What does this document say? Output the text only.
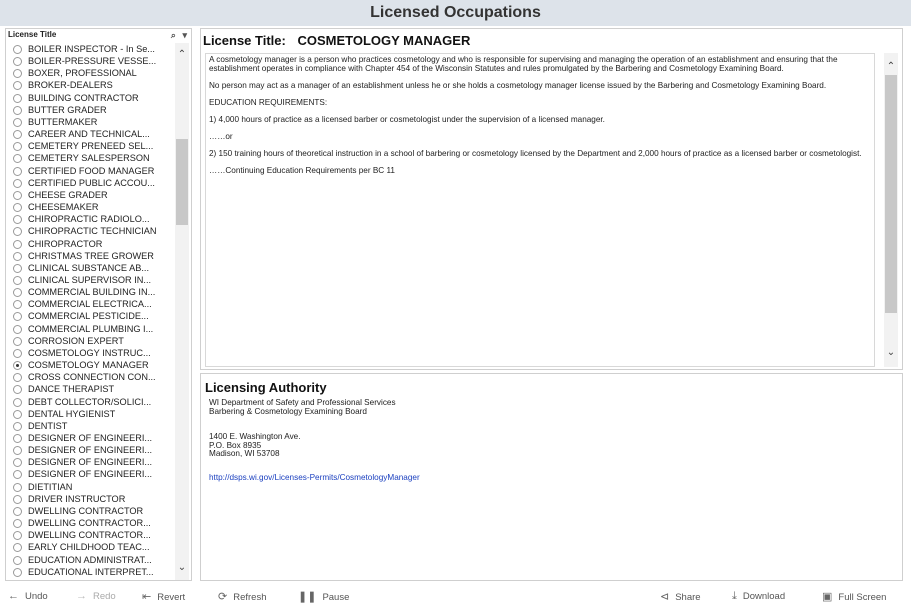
Licensed Occupations
License Title	⌕ ▾
BOILER INSPECTOR - In Se...
BOILER-PRESSURE VESSE...
BOXER, PROFESSIONAL
BROKER-DEALERS
BUILDING CONTRACTOR
BUTTER GRADER
BUTTERMAKER
CAREER AND TECHNICAL...
CEMETERY PRENEED SEL...
CEMETERY SALESPERSON
CERTIFIED FOOD MANAGER
CERTIFIED PUBLIC ACCOU...
CHEESE GRADER
CHEESEMAKER
CHIROPRACTIC RADIOLO...
CHIROPRACTIC TECHNICIAN
CHIROPRACTOR
CHRISTMAS TREE GROWER
CLINICAL SUBSTANCE AB...
CLINICAL SUPERVISOR IN...
COMMERCIAL BUILDING IN...
COMMERCIAL ELECTRICA...
COMMERCIAL PESTICIDE...
COMMERCIAL PLUMBING I...
CORROSION EXPERT
COSMETOLOGY INSTRUC...
COSMETOLOGY MANAGER
CROSS CONNECTION CON...
DANCE THERAPIST
DEBT COLLECTOR/SOLICI...
DENTAL HYGIENIST
DENTIST
DESIGNER OF ENGINEERI...
DESIGNER OF ENGINEERI...
DESIGNER OF ENGINEERI...
DESIGNER OF ENGINEERI...
DIETITIAN
DRIVER INSTRUCTOR
DWELLING CONTRACTOR
DWELLING CONTRACTOR...
DWELLING CONTRACTOR...
EARLY CHILDHOOD TEAC...
EDUCATION ADMINISTRAT...
EDUCATIONAL INTERPRET...
⌃
⌄
License Title: COSMETOLOGY MANAGER

A cosmetology manager is a person who practices cosmetology and who is responsible for supervising and managing the operation of an establishment and ensuring that the establishment operates in compliance with Chapter 454 of the Wisconsin Statutes and rules promulgated by the Barbering and Cosmetology Examining Board.

No person may act as a manager of an establishment unless he or she holds a cosmetology manager license issued by the Barbering and Cosmetology Examining Board.

EDUCATION REQUIREMENTS:

1) 4,000 hours of practice as a licensed barber or cosmetologist under the supervision of a licensed manager.

……or

2) 150 training hours of theoretical instruction in a school of barbering or cosmetology licensed by the Department and 2,000 hours of practice as a licensed barber or cosmetologist.

……Continuing Education Requirements per BC 11

⌃
⌄
Licensing Authority
WI Department of Safety and Professional Services
Barbering & Cosmetology Examining Board
1400 E. Washington Ave.
P.O. Box 8935
Madison, WI 53708
http://dsps.wi.gov/Licenses-Permits/CosmetologyManager
← Undo	→ Redo ⇤ Revert	⟳ Refresh	❚❚ Pause	⊲ Share	⤓ Download	▣ Full Screen
